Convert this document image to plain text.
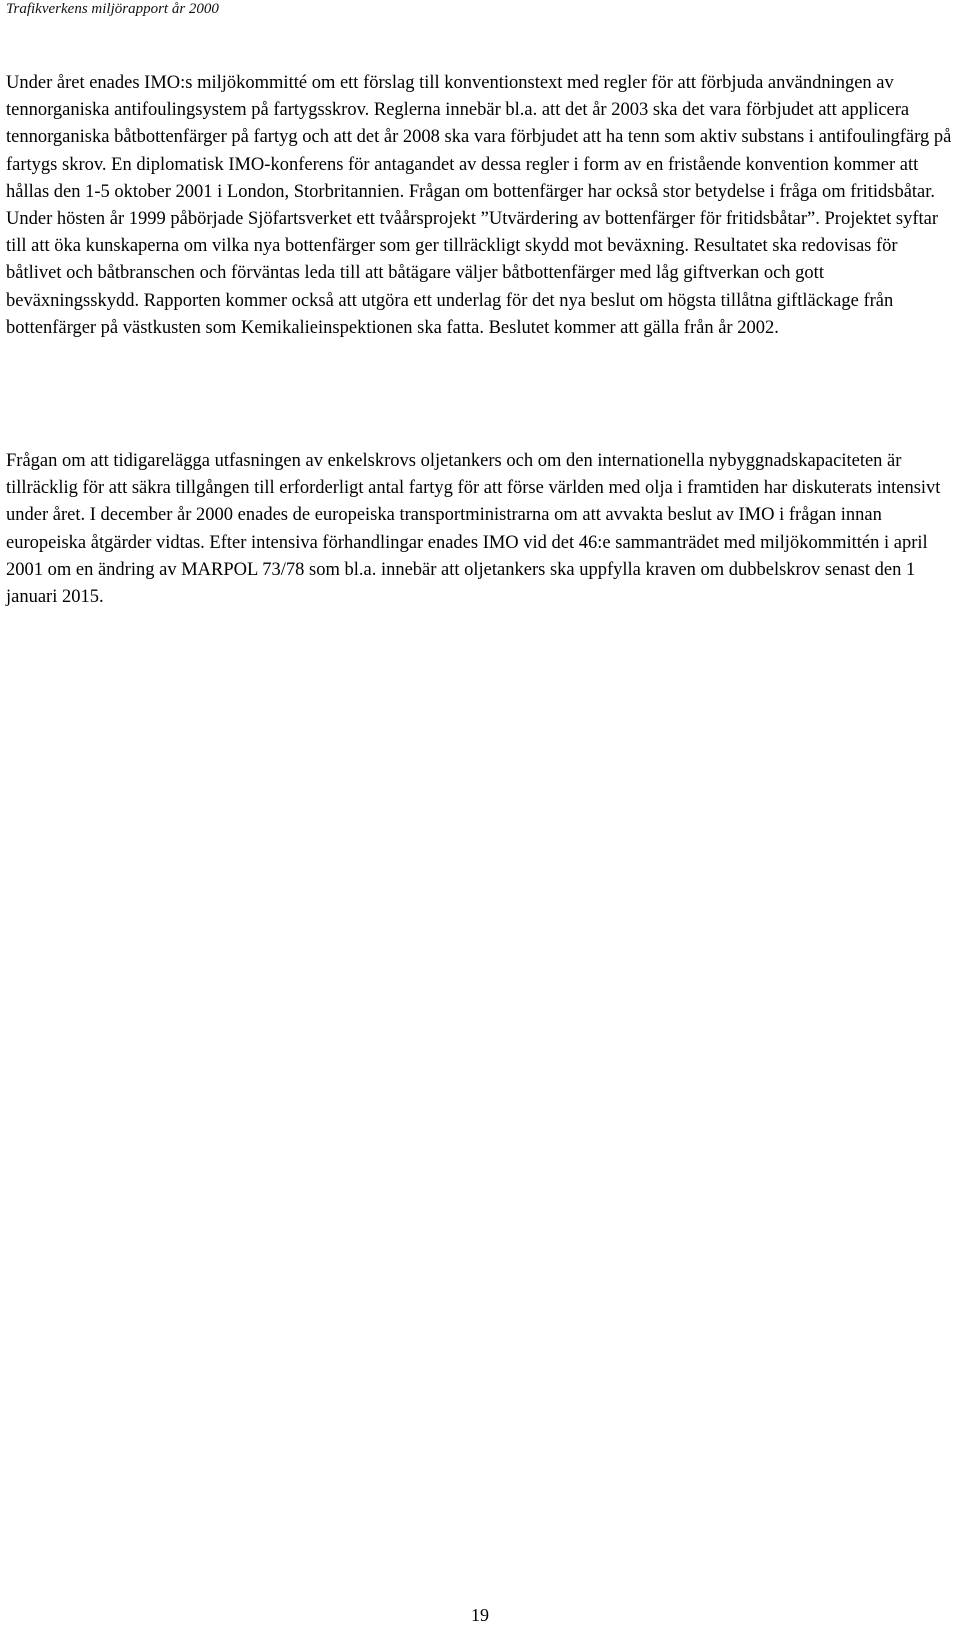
Trafikverkens miljörapport år 2000

Under året enades IMO:s miljökommitté om ett förslag till konventionstext med regler för att förbjuda användningen av tennorganiska antifoulingsystem på fartygsskrov. Reglerna innebär bl.a. att det år 2003 ska det vara förbjudet att applicera tennorganiska båtbottenfärger på fartyg och att det år 2008 ska vara förbjudet att ha tenn som aktiv substans i antifoulingfärg på fartygs skrov. En diplomatisk IMO-konferens för antagandet av dessa regler i form av en fristående konvention kommer att hållas den 1-5 oktober 2001 i London, Storbritannien. Frågan om bottenfärger har också stor betydelse i fråga om fritidsbåtar. Under hösten år 1999 påbörjade Sjöfartsverket ett tvåårsprojekt ”Utvärdering av bottenfärger för fritidsbåtar”. Projektet syftar till att öka kunskaperna om vilka nya bottenfärger som ger tillräckligt skydd mot beväxning. Resultatet ska redovisas för båtlivet och båtbranschen och förväntas leda till att båtägare väljer båtbottenfärger med låg giftverkan och gott beväxningsskydd. Rapporten kommer också att utgöra ett underlag för det nya beslut om högsta tillåtna giftläckage från bottenfärger på västkusten som Kemikalieinspektionen ska fatta. Beslutet kommer att gälla från år 2002.

Frågan om att tidigarelägga utfasningen av enkelskrovs oljetankers och om den internationella nybyggnadskapaciteten är tillräcklig för att säkra tillgången till erforderligt antal fartyg för att förse världen med olja i framtiden har diskuterats intensivt under året. I december år 2000 enades de europeiska transportministrarna om att avvakta beslut av IMO i frågan innan europeiska åtgärder vidtas. Efter intensiva förhandlingar enades IMO vid det 46:e sammanträdet med miljökommittén i april 2001 om en ändring av MARPOL 73/78 som bl.a. innebär att oljetankers ska uppfylla kraven om dubbelskrov senast den 1 januari 2015.

19
